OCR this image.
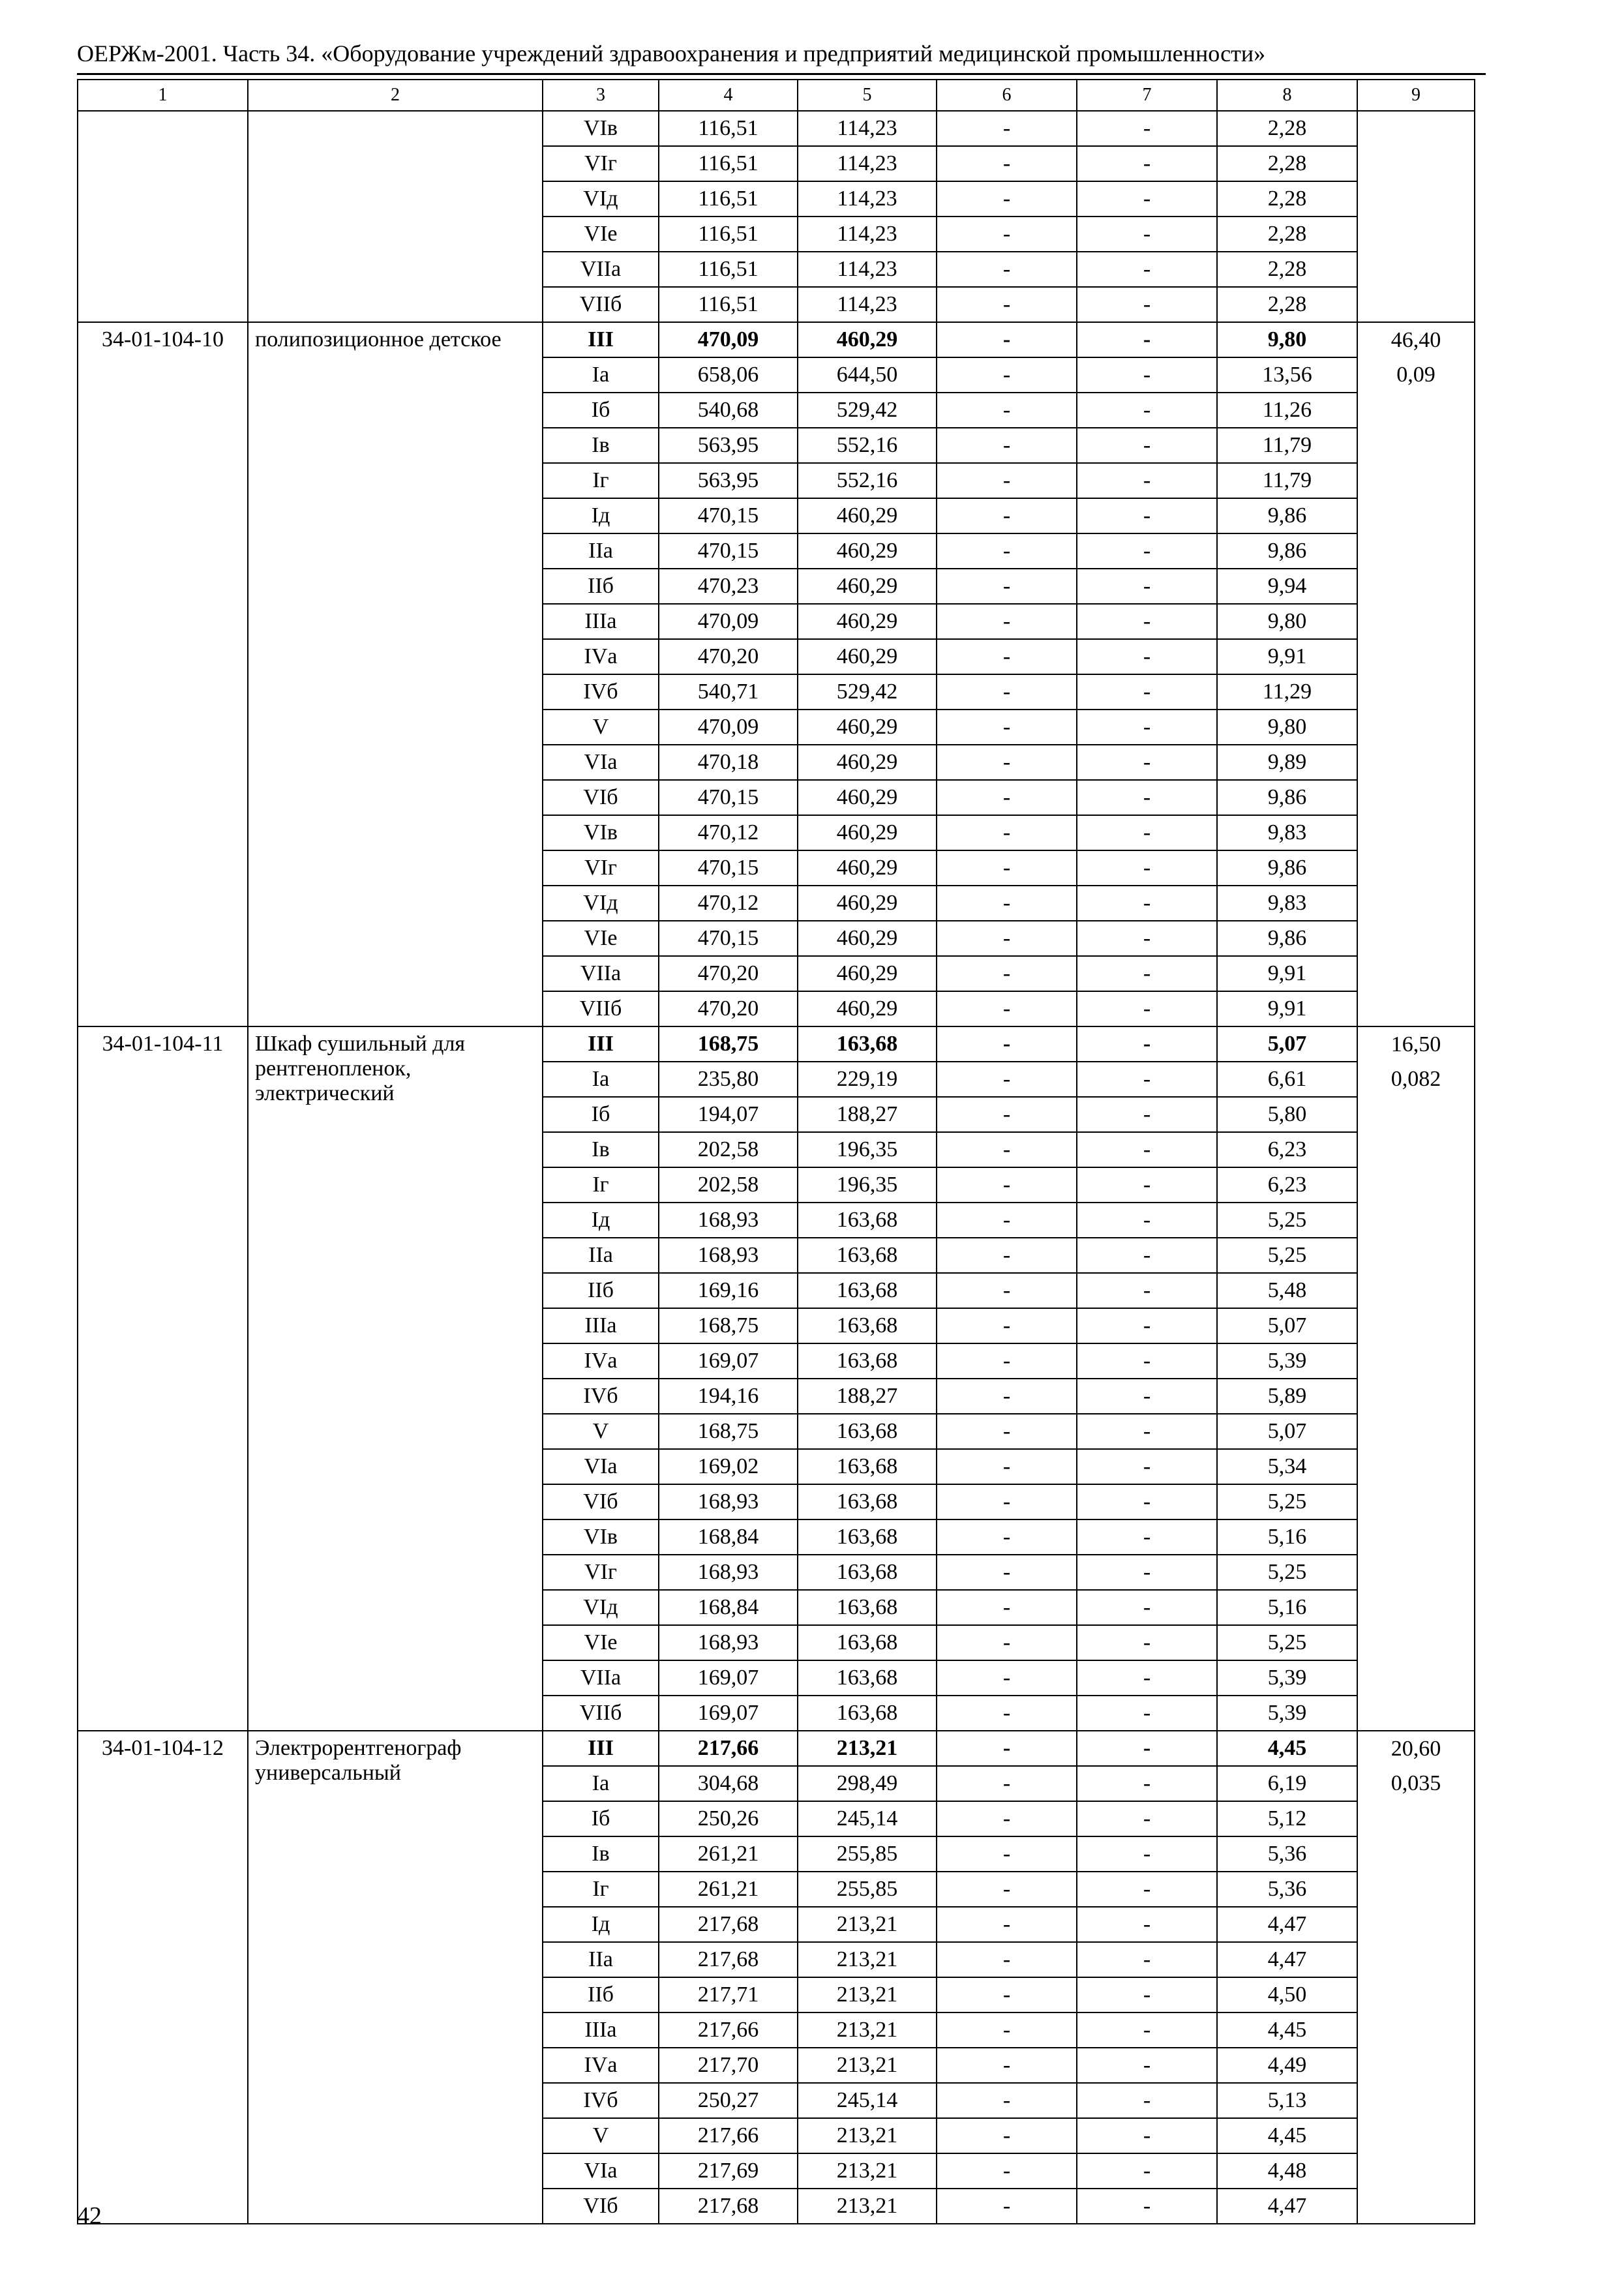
ОЕРЖм-2001. Часть 34. «Оборудование учреждений здравоохранения и предприятий медицинской промышленности»
1	2	3	4	5	6	7	8	9
		VIв	116,51	114,23	-	-	2,28	
		VIг	116,51	114,23	-	-	2,28	
		VIд	116,51	114,23	-	-	2,28	
		VIе	116,51	114,23	-	-	2,28	
		VIIа	116,51	114,23	-	-	2,28	
		VIIб	116,51	114,23	-	-	2,28	
34-01-104-10	полипозиционное детское	III	470,09	460,29	-	-	9,80	46,40
		Iа	658,06	644,50	-	-	13,56	0,09
		Iб	540,68	529,42	-	-	11,26	
		Iв	563,95	552,16	-	-	11,79	
		Iг	563,95	552,16	-	-	11,79	
		Iд	470,15	460,29	-	-	9,86	
		IIа	470,15	460,29	-	-	9,86	
		IIб	470,23	460,29	-	-	9,94	
		IIIа	470,09	460,29	-	-	9,80	
		IVа	470,20	460,29	-	-	9,91	
		IVб	540,71	529,42	-	-	11,29	
		V	470,09	460,29	-	-	9,80	
		VIа	470,18	460,29	-	-	9,89	
		VIб	470,15	460,29	-	-	9,86	
		VIв	470,12	460,29	-	-	9,83	
		VIг	470,15	460,29	-	-	9,86	
		VIд	470,12	460,29	-	-	9,83	
		VIе	470,15	460,29	-	-	9,86	
		VIIа	470,20	460,29	-	-	9,91	
		VIIб	470,20	460,29	-	-	9,91	
34-01-104-11	Шкаф сушильный для рентгенопленок, электрический	III	168,75	163,68	-	-	5,07	16,50
		Iа	235,80	229,19	-	-	6,61	0,082
		Iб	194,07	188,27	-	-	5,80	
		Iв	202,58	196,35	-	-	6,23	
		Iг	202,58	196,35	-	-	6,23	
		Iд	168,93	163,68	-	-	5,25	
		IIа	168,93	163,68	-	-	5,25	
		IIб	169,16	163,68	-	-	5,48	
		IIIа	168,75	163,68	-	-	5,07	
		IVа	169,07	163,68	-	-	5,39	
		IVб	194,16	188,27	-	-	5,89	
		V	168,75	163,68	-	-	5,07	
		VIа	169,02	163,68	-	-	5,34	
		VIб	168,93	163,68	-	-	5,25	
		VIв	168,84	163,68	-	-	5,16	
		VIг	168,93	163,68	-	-	5,25	
		VIд	168,84	163,68	-	-	5,16	
		VIе	168,93	163,68	-	-	5,25	
		VIIа	169,07	163,68	-	-	5,39	
		VIIб	169,07	163,68	-	-	5,39	
34-01-104-12	Электрорентгенограф универсальный	III	217,66	213,21	-	-	4,45	20,60
		Iа	304,68	298,49	-	-	6,19	0,035
		Iб	250,26	245,14	-	-	5,12	
		Iв	261,21	255,85	-	-	5,36	
		Iг	261,21	255,85	-	-	5,36	
		Iд	217,68	213,21	-	-	4,47	
		IIа	217,68	213,21	-	-	4,47	
		IIб	217,71	213,21	-	-	4,50	
		IIIа	217,66	213,21	-	-	4,45	
		IVа	217,70	213,21	-	-	4,49	
		IVб	250,27	245,14	-	-	5,13	
		V	217,66	213,21	-	-	4,45	
		VIа	217,69	213,21	-	-	4,48	
		VIб	217,68	213,21	-	-	4,47	
42
